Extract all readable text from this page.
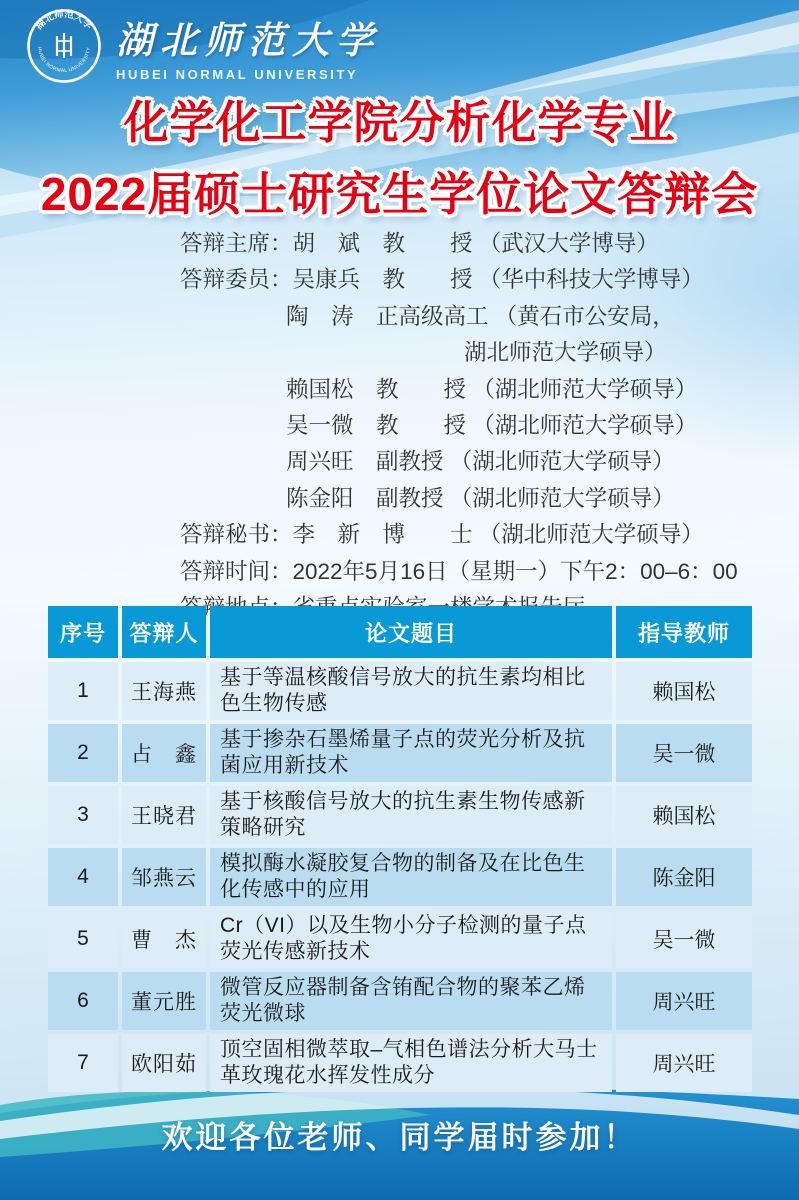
湖北师范大学
HUBEI NORMAL UNIVERSITY 湖北师范大学
HUBEI NORMAL UNIVERSITY
化学化工学院分析化学专业
2022届硕士研究生学位论文答辩会
答辩主席：胡　斌　教　　授 （武汉大学博导）
答辩委员：吴康兵　教　　授 （华中科技大学博导）
陶　涛　正高级高工 （黄石市公安局，
湖北师范大学硕导）
赖国松　教　　授 （湖北师范大学硕导）
吴一微　教　　授 （湖北师范大学硕导）
周兴旺　副教授 （湖北师范大学硕导）
陈金阳　副教授 （湖北师范大学硕导）
答辩秘书：李　新　博　　士 （湖北师范大学硕导）
答辩时间：2022年5月16日（星期一）下午2：00–6：00
序号	答辩人	论文题目	指导教师
1	王海燕	基于等温核酸信号放大的抗生素均相比色生物传感	赖国松
2	占　鑫	基于掺杂石墨烯量子点的荧光分析及抗菌应用新技术	吴一微
3	王晓君	基于核酸信号放大的抗生素生物传感新策略研究	赖国松
4	邹燕云	模拟酶水凝胶复合物的制备及在比色生化传感中的应用	陈金阳
5	曹　杰	Cr（VI）以及生物小分子检测的量子点荧光传感新技术	吴一微
6	董元胜	微管反应器制备含铕配合物的聚苯乙烯荧光微球	周兴旺
7	欧阳茹	顶空固相微萃取–气相色谱法分析大马士革玫瑰花水挥发性成分	周兴旺
欢迎各位老师、同学届时参加！
